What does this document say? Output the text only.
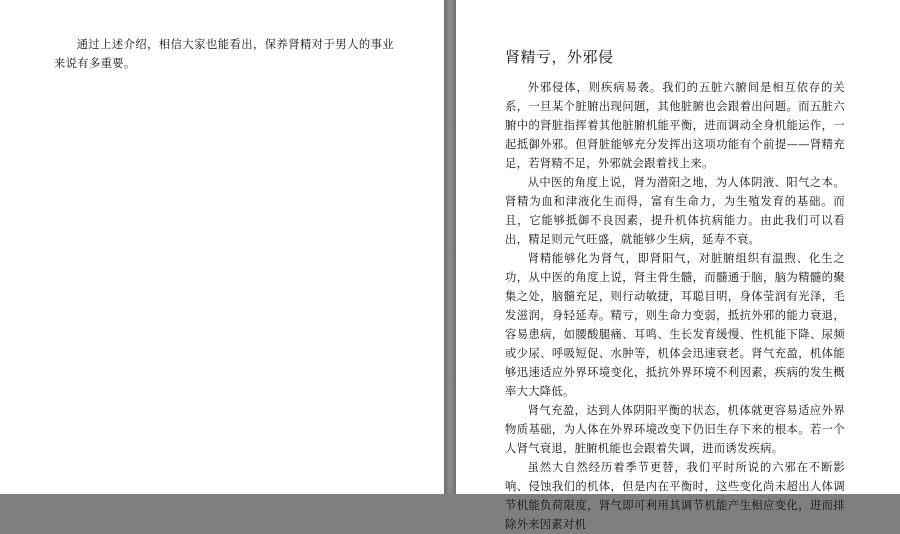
通过上述介绍，相信大家也能看出，保养肾精对于男人的事业来说有多重要。	肾精亏，外邪侵

外邪侵体，则疾病易袭。我们的五脏六腑间是相互依存的关系，一旦某个脏腑出现问题，其他脏腑也会跟着出问题。而五脏六腑中的肾脏指挥着其他脏腑机能平衡，进而调动全身机能运作，一起抵御外邪。但肾脏能够充分发挥出这项功能有个前提——肾精充足，若肾精不足，外邪就会跟着找上来。

从中医的角度上说，肾为潜阳之地，为人体阴液、阳气之本。肾精为血和津液化生而得，富有生命力，为生殖发育的基础。而且，它能够抵御不良因素，提升机体抗病能力。由此我们可以看出，精足则元气旺盛，就能够少生病，延寿不衰。

肾精能够化为肾气，即肾阳气，对脏腑组织有温煦、化生之功，从中医的角度上说，肾主骨生髓，而髓通于脑，脑为精髓的聚集之处，脑髓充足，则行动敏捷，耳聪目明，身体莹润有光泽，毛发滋润，身轻延寿。精亏，则生命力变弱，抵抗外邪的能力衰退，容易患病，如腰酸腿痛、耳鸣、生长发育缓慢、性机能下降、尿频或少尿、呼吸短促、水肿等，机体会迅速衰老。肾气充盈，机体能够迅速适应外界环境变化，抵抗外界环境不利因素，疾病的发生概率大大降低。

肾气充盈，达到人体阴阳平衡的状态，机体就更容易适应外界物质基础，为人体在外界环境改变下仍旧生存下来的根本。若一个人肾气衰退，脏腑机能也会跟着失调，进而诱发疾病。

虽然大自然经历着季节更替，我们平时所说的六邪在不断影响、侵蚀我们的机体，但是内在平衡时，这些变化尚未超出人体调节机能负荷限度，肾气即可利用其调节机能产生相应变化，进而排除外来因素对机
